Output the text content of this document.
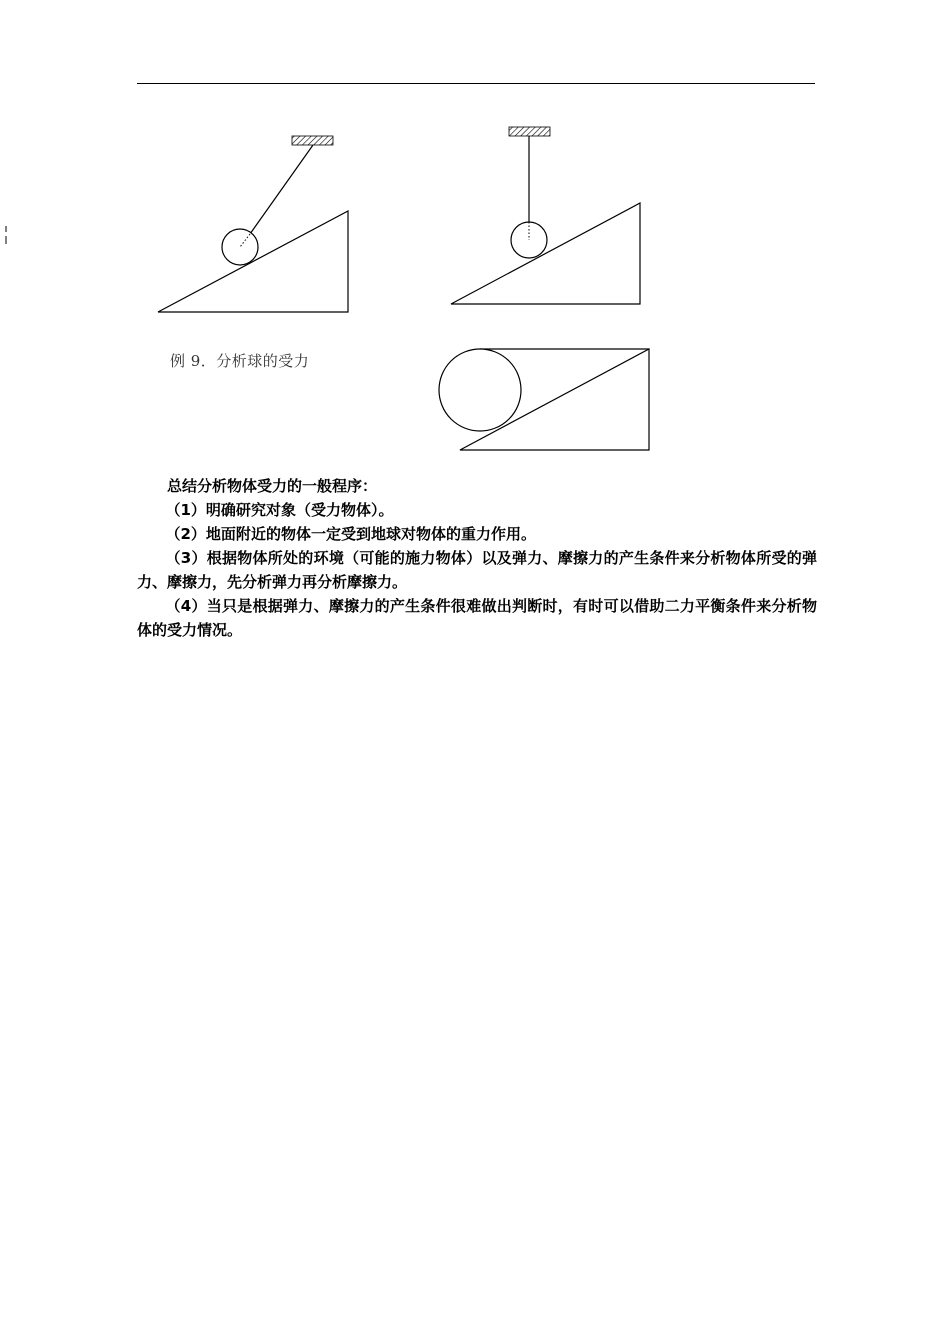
例 9．分析球的受力

总结分析物体受力的一般程序：

（1）明确研究对象（受力物体）。

（2）地面附近的物体一定受到地球对物体的重力作用。

（3）根据物体所处的环境（可能的施力物体）以及弹力、摩擦力的产生条件来分析物体所受的弹力、摩擦力，先分析弹力再分析摩擦力。

（4）当只是根据弹力、摩擦力的产生条件很难做出判断时，有时可以借助二力平衡条件来分析物体的受力情况。
